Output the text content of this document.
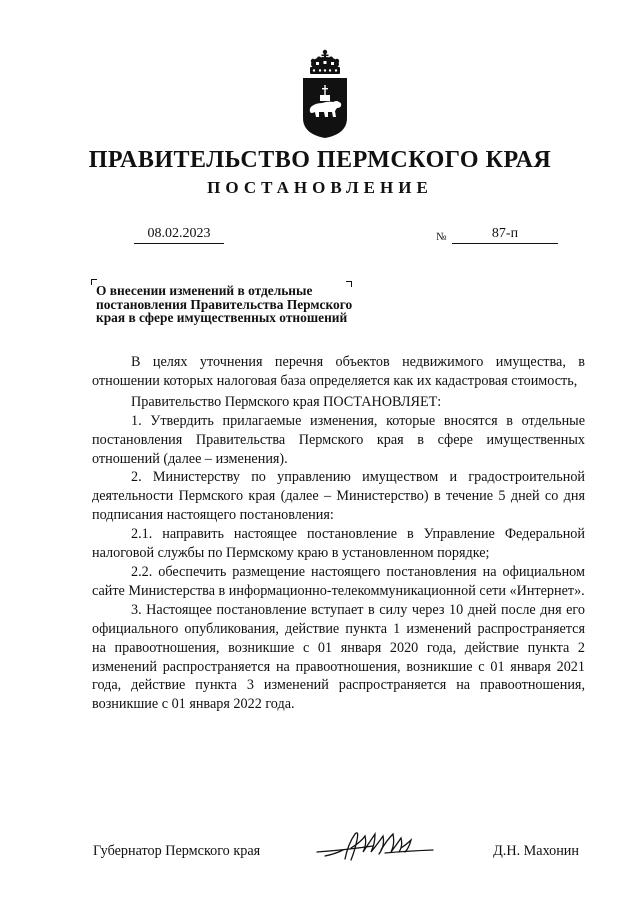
ПРАВИТЕЛЬСТВО ПЕРМСКОГО КРАЯ
ПОСТАНОВЛЕНИЕ
08.02.2023	№	87-п
О внесении изменений в отдельные
постановления Правительства Пермского
края в сфере имущественных отношений

В целях уточнения перечня объектов недвижимого имущества, в отношении которых налоговая база определяется как их кадастровая стоимость,

Правительство Пермского края ПОСТАНОВЛЯЕТ:

1. Утвердить прилагаемые изменения, которые вносятся в отдельные постановления Правительства Пермского края в сфере имущественных отношений (далее – изменения).

2. Министерству по управлению имуществом и градостроительной деятельности Пермского края (далее – Министерство) в течение 5 дней со дня подписания настоящего постановления:

2.1. направить настоящее постановление в Управление Федеральной налоговой службы по Пермскому краю в установленном порядке;

2.2. обеспечить размещение настоящего постановления на официальном сайте Министерства в информационно-телекоммуникационной сети «Интернет».

3. Настоящее постановление вступает в силу через 10 дней после дня его официального опубликования, действие пункта 1 изменений распространяется на правоотношения, возникшие с 01 января 2020 года, действие пункта 2 изменений распространяется на правоотношения, возникшие с 01 января 2021 года, действие пункта 3 изменений распространяется на правоотношения, возникшие с 01 января 2022 года.

Губернатор Пермского края	Д.Н. Махонин
